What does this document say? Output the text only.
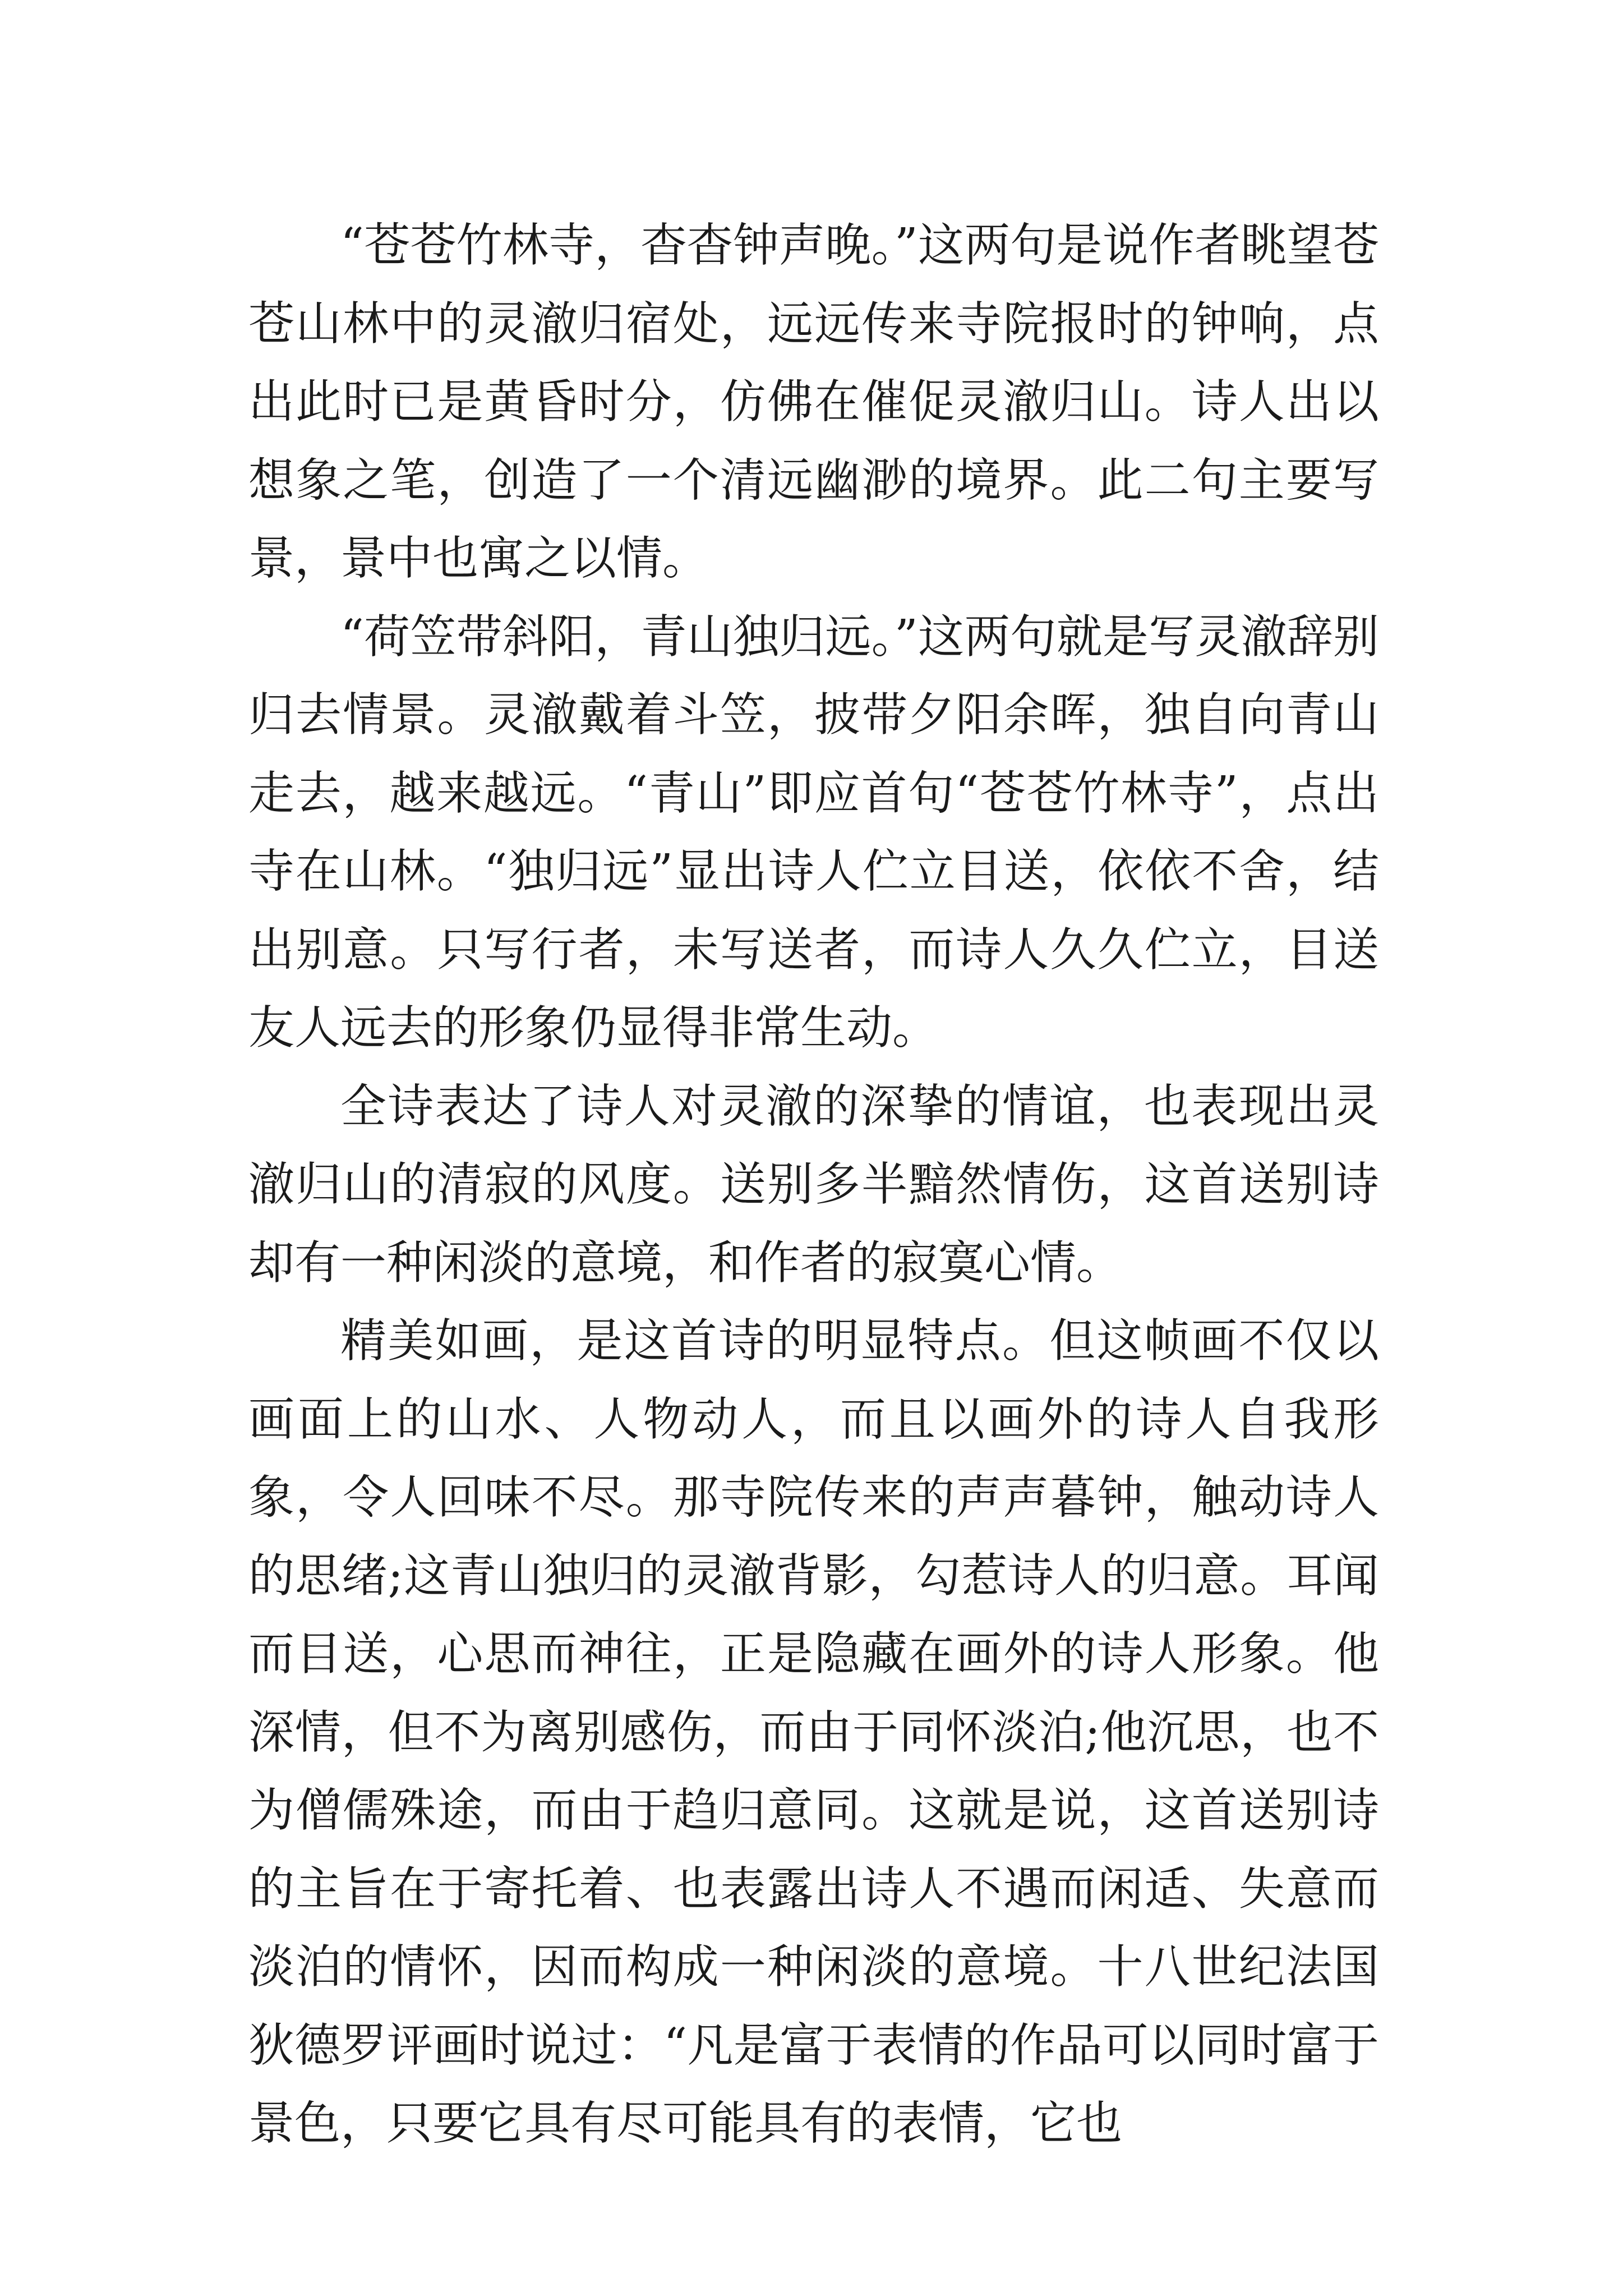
“苍苍竹林寺，杳杳钟声晚。”这两句是说作者眺望苍苍山林中的灵澈归宿处，远远传来寺院报时的钟响，点出此时已是黄昏时分，仿佛在催促灵澈归山。诗人出以想象之笔，创造了一个清远幽渺的境界。此二句主要写景，景中也寓之以情。

“荷笠带斜阳，青山独归远。”这两句就是写灵澈辞别归去情景。灵澈戴着斗笠，披带夕阳余晖，独自向青山走去，越来越远。“青山”即应首句“苍苍竹林寺”，点出寺在山林。“独归远”显出诗人伫立目送，依依不舍，结出别意。只写行者，未写送者，而诗人久久伫立，目送友人远去的形象仍显得非常生动。

全诗表达了诗人对灵澈的深挚的情谊，也表现出灵澈归山的清寂的风度。送别多半黯然情伤，这首送别诗却有一种闲淡的意境，和作者的寂寞心情。

精美如画，是这首诗的明显特点。但这帧画不仅以画面上的山水、人物动人，而且以画外的诗人自我形象，令人回味不尽。那寺院传来的声声暮钟，触动诗人的思绪;这青山独归的灵澈背影，勾惹诗人的归意。耳闻而目送，心思而神往，正是隐藏在画外的诗人形象。他深情，但不为离别感伤，而由于同怀淡泊;他沉思，也不为僧儒殊途，而由于趋归意同。这就是说，这首送别诗的主旨在于寄托着、也表露出诗人不遇而闲适、失意而淡泊的情怀，因而构成一种闲淡的意境。十八世纪法国狄德罗评画时说过：“凡是富于表情的作品可以同时富于景色，只要它具有尽可能具有的表情，它也
